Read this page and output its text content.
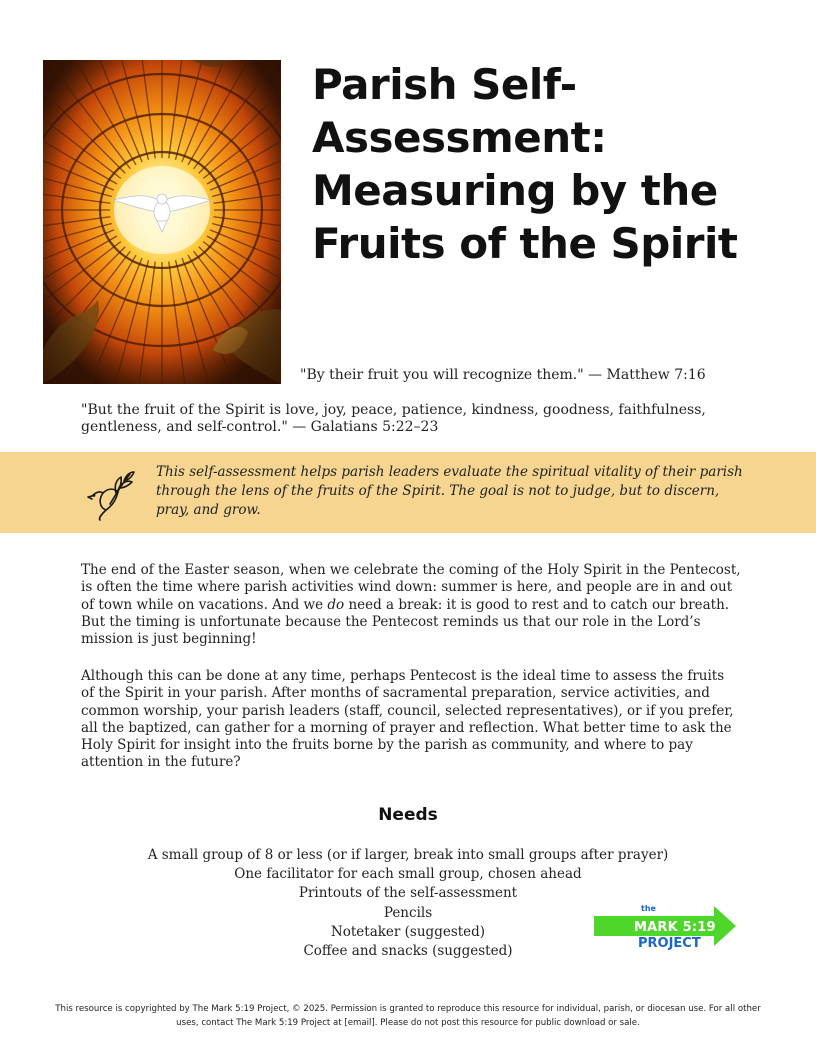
Parish Self-Assessment: Measuring by the Fruits of the Spirit
"By their fruit you will recognize them." — Matthew 7:16
"But the fruit of the Spirit is love, joy, peace, patience, kindness, goodness, faithfulness, gentleness, and self-control." — Galatians 5:22–23
This self-assessment helps parish leaders evaluate the spiritual vitality of their parish through the lens of the fruits of the Spirit. The goal is not to judge, but to discern, pray, and grow.

The end of the Easter season, when we celebrate the coming of the Holy Spirit in the Pentecost, is often the time where parish activities wind down: summer is here, and people are in and out of town while on vacations. And we do need a break: it is good to rest and to catch our breath. But the timing is unfortunate because the Pentecost reminds us that our role in the Lord’s mission is just beginning!

Although this can be done at any time, perhaps Pentecost is the ideal time to assess the fruits of the Spirit in your parish. After months of sacramental preparation, service activities, and common worship, your parish leaders (staff, council, selected representatives), or if you prefer, all the baptized, can gather for a morning of prayer and reflection. What better time to ask the Holy Spirit for insight into the fruits borne by the parish as community, and where to pay attention in the future?

Needs
A small group of 8 or less (or if larger, break into small groups after prayer)
One facilitator for each small group, chosen ahead
Printouts of the self-assessment
Pencils
Notetaker (suggested)
Coffee and snacks (suggested)
the
MARK 5:19
PROJECT
This resource is copyrighted by The Mark 5:19 Project, © 2025. Permission is granted to reproduce this resource for individual, parish, or diocesan use. For all other uses, contact The Mark 5:19 Project at [email]. Please do not post this resource for public download or sale.
